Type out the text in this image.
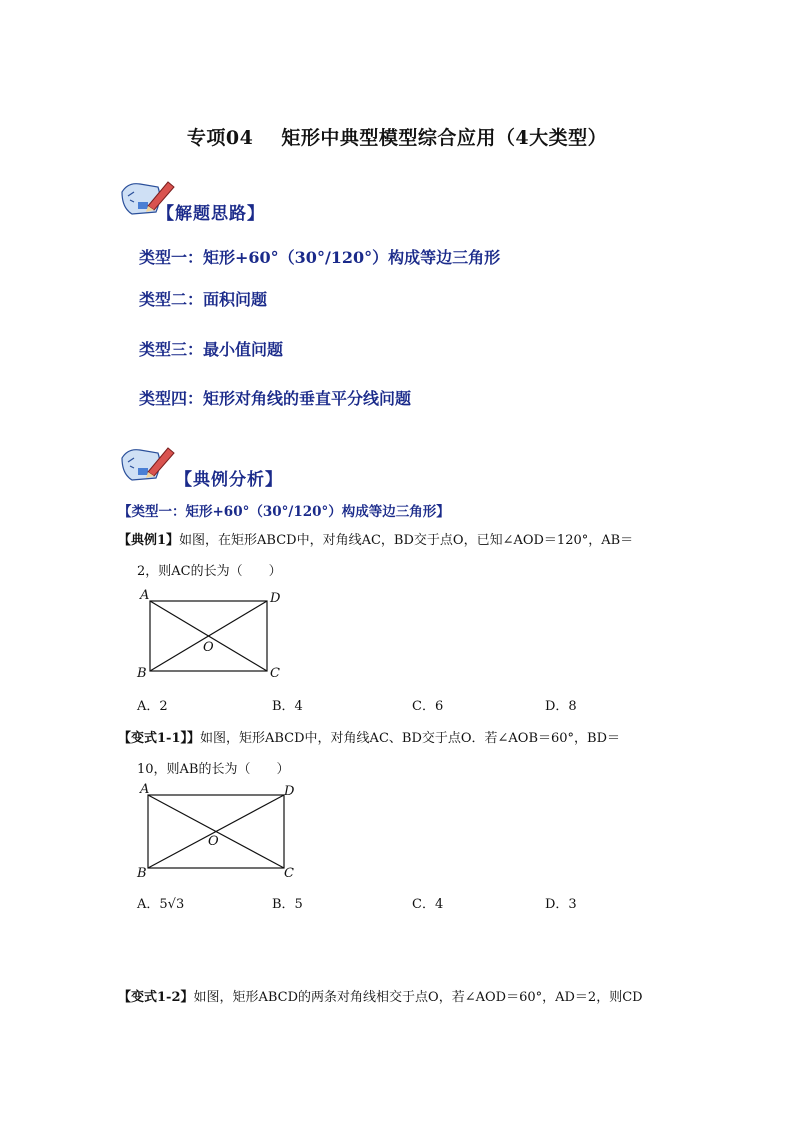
专项04 矩形中典型模型综合应用（4大类型）
【解题思路】
类型一：矩形+60°（30°/120°）构成等边三角形
类型二：面积问题
类型三：最小值问题
类型四：矩形对角线的垂直平分线问题
【典例分析】
【类型一：矩形+60°（30°/120°）构成等边三角形】
【典例1】如图，在矩形ABCD中，对角线AC，BD交于点O，已知∠AOD＝120°，AB＝
2，则AC的长为（　　）
A	D
B	C
O
A．2	B．4	C．6	D．8
【变式1-1】】如图，矩形ABCD中，对角线AC、BD交于点O．若∠AOB＝60°，BD＝
10，则AB的长为（　　）
A	D
B	C
O
A．5√3	B．5	C．4	D．3
【变式1-2】如图，矩形ABCD的两条对角线相交于点O，若∠AOD＝60°，AD＝2，则CD
